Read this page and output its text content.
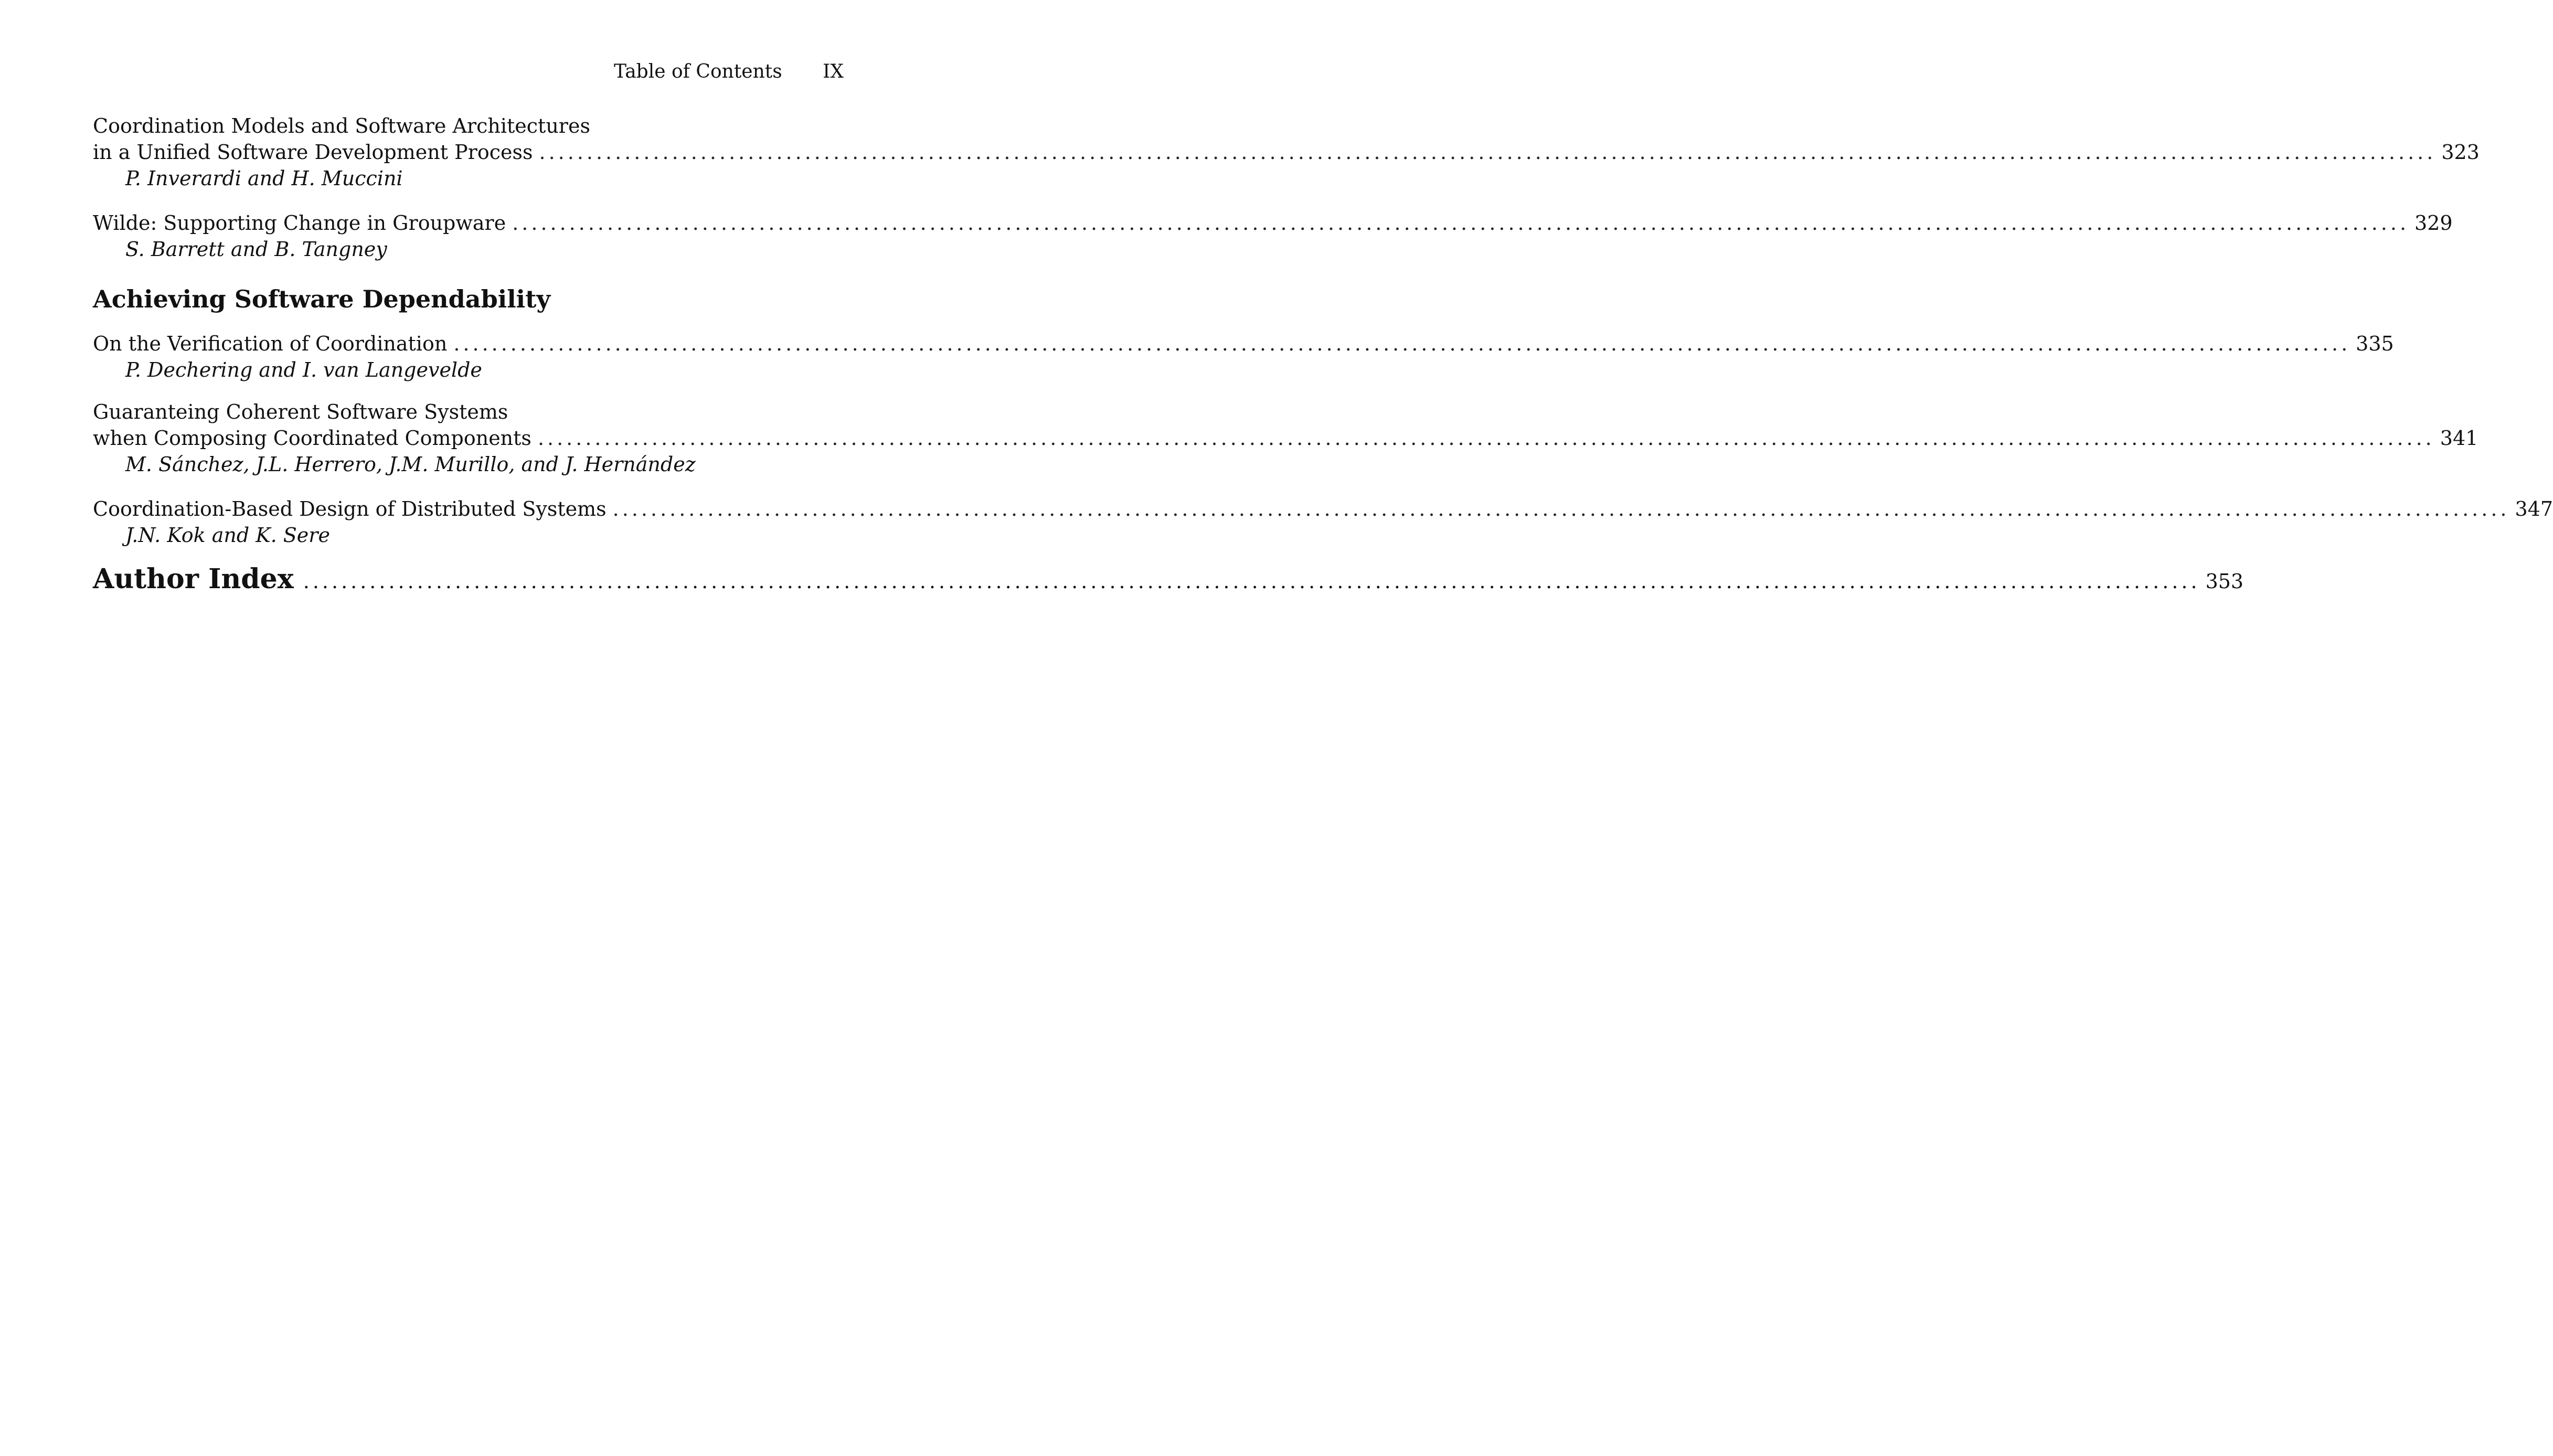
Table of Contents IX
Coordination Models and Software Architectures
in a Unified Software Development Process ........................................................................................................................................................................................................ 323
P. Inverardi and H. Muccini
Wilde: Supporting Change in Groupware ........................................................................................................................................................................................................ 329
S. Barrett and B. Tangney
Achieving Software Dependability
On the Verification of Coordination ........................................................................................................................................................................................................ 335
P. Dechering and I. van Langevelde
Guaranteing Coherent Software Systems
when Composing Coordinated Components ........................................................................................................................................................................................................ 341
M. Sánchez, J.L. Herrero, J.M. Murillo, and J. Hernández
Coordination-Based Design of Distributed Systems ........................................................................................................................................................................................................ 347
J.N. Kok and K. Sere
Author Index ........................................................................................................................................................................................................ 353
